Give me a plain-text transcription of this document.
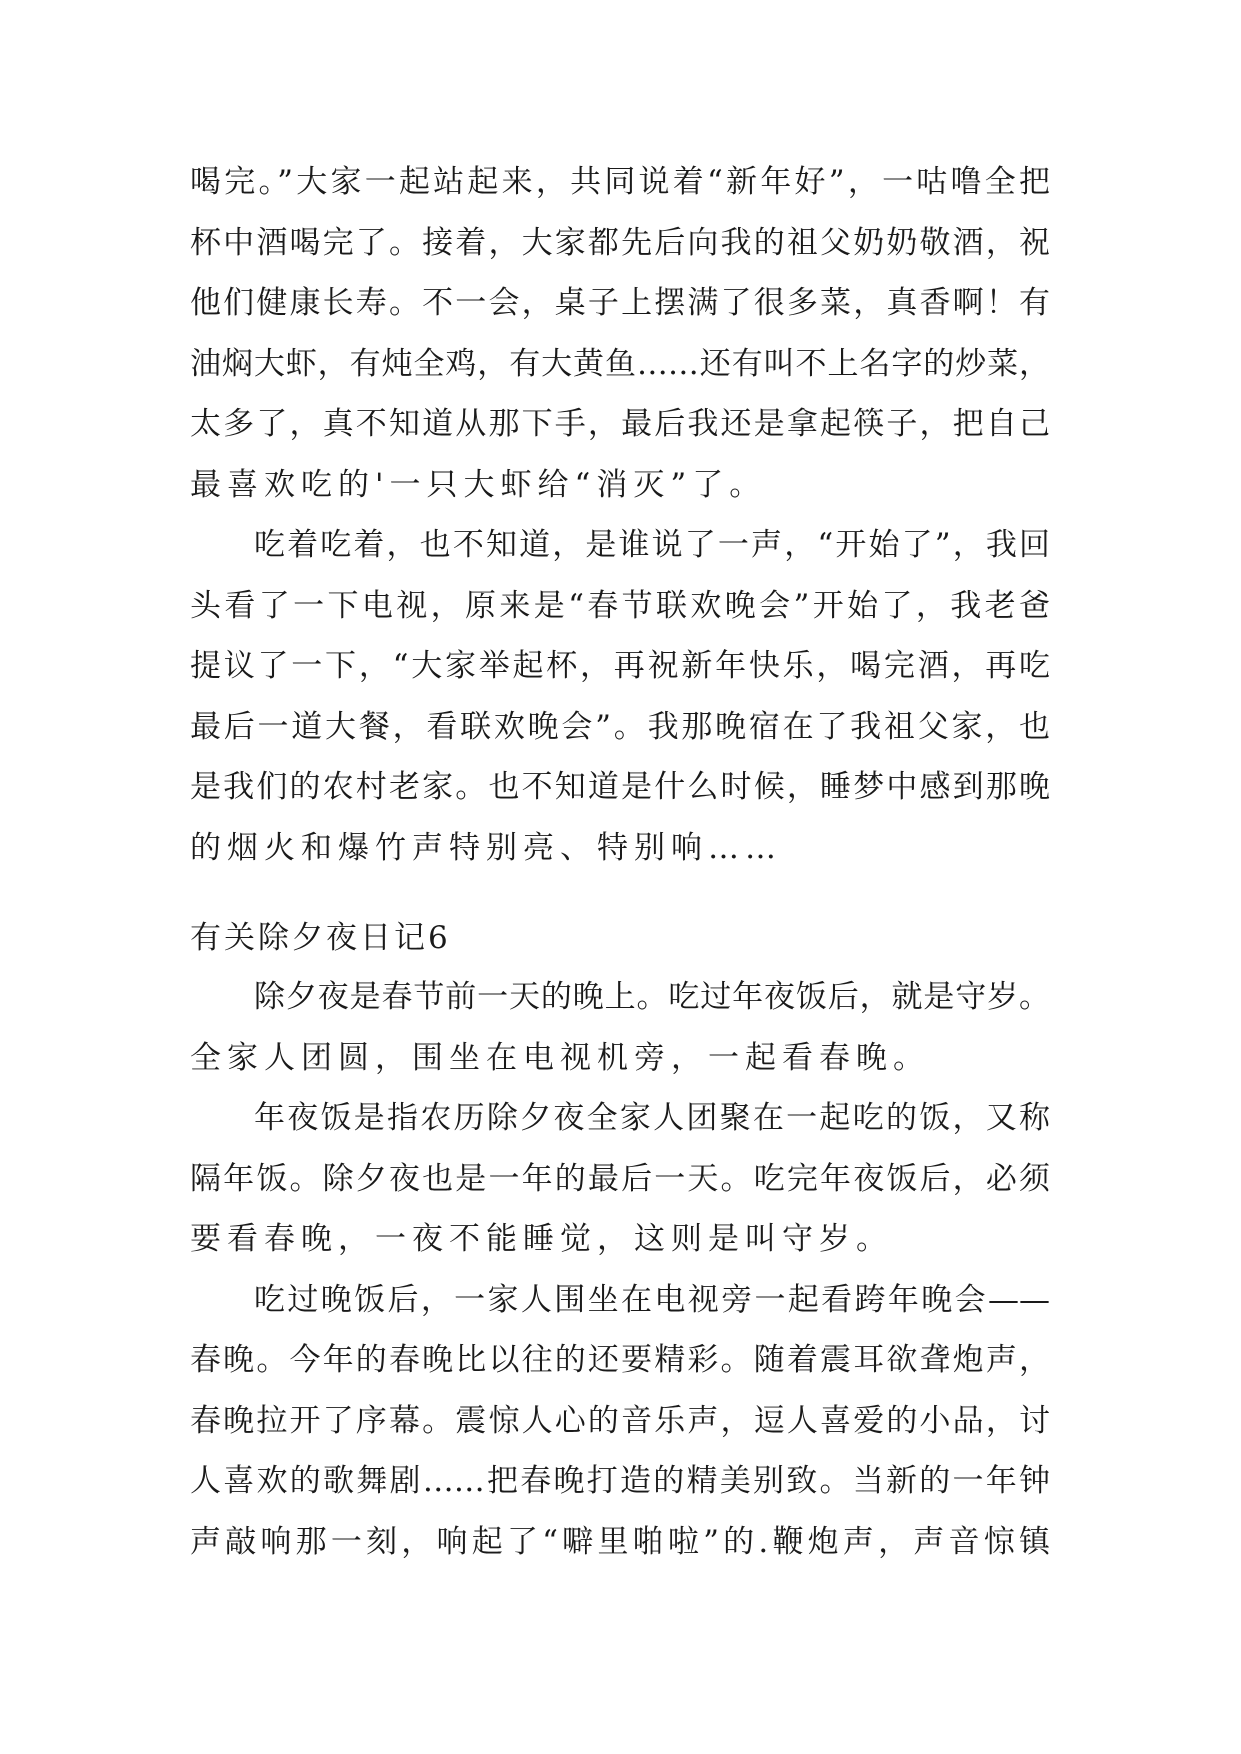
喝完。”大家一起站起来，共同说着“新年好”，一咕噜全把
杯中酒喝完了。接着，大家都先后向我的祖父奶奶敬酒，祝
他们健康长寿。不一会，桌子上摆满了很多菜，真香啊！有
油焖大虾，有炖全鸡，有大黄鱼……还有叫不上名字的炒菜，
太多了，真不知道从那下手，最后我还是拿起筷子，把自己
最喜欢吃的'一只大虾给“消灭”了。
吃着吃着，也不知道，是谁说了一声，“开始了”，我回
头看了一下电视，原来是“春节联欢晚会”开始了，我老爸
提议了一下，“大家举起杯，再祝新年快乐，喝完酒，再吃
最后一道大餐，看联欢晚会”。我那晚宿在了我祖父家，也
是我们的农村老家。也不知道是什么时候，睡梦中感到那晚
的烟火和爆竹声特别亮、特别响……
有关除夕夜日记6
除夕夜是春节前一天的晚上。吃过年夜饭后，就是守岁。
全家人团圆，围坐在电视机旁，一起看春晚。
年夜饭是指农历除夕夜全家人团聚在一起吃的饭，又称
隔年饭。除夕夜也是一年的最后一天。吃完年夜饭后，必须
要看春晚，一夜不能睡觉，这则是叫守岁。
吃过晚饭后，一家人围坐在电视旁一起看跨年晚会——
春晚。今年的春晚比以往的还要精彩。随着震耳欲聋炮声，
春晚拉开了序幕。震惊人心的音乐声，逗人喜爱的小品，讨
人喜欢的歌舞剧……把春晚打造的精美别致。当新的一年钟
声敲响那一刻，响起了“噼里啪啦”的.鞭炮声，声音惊镇
